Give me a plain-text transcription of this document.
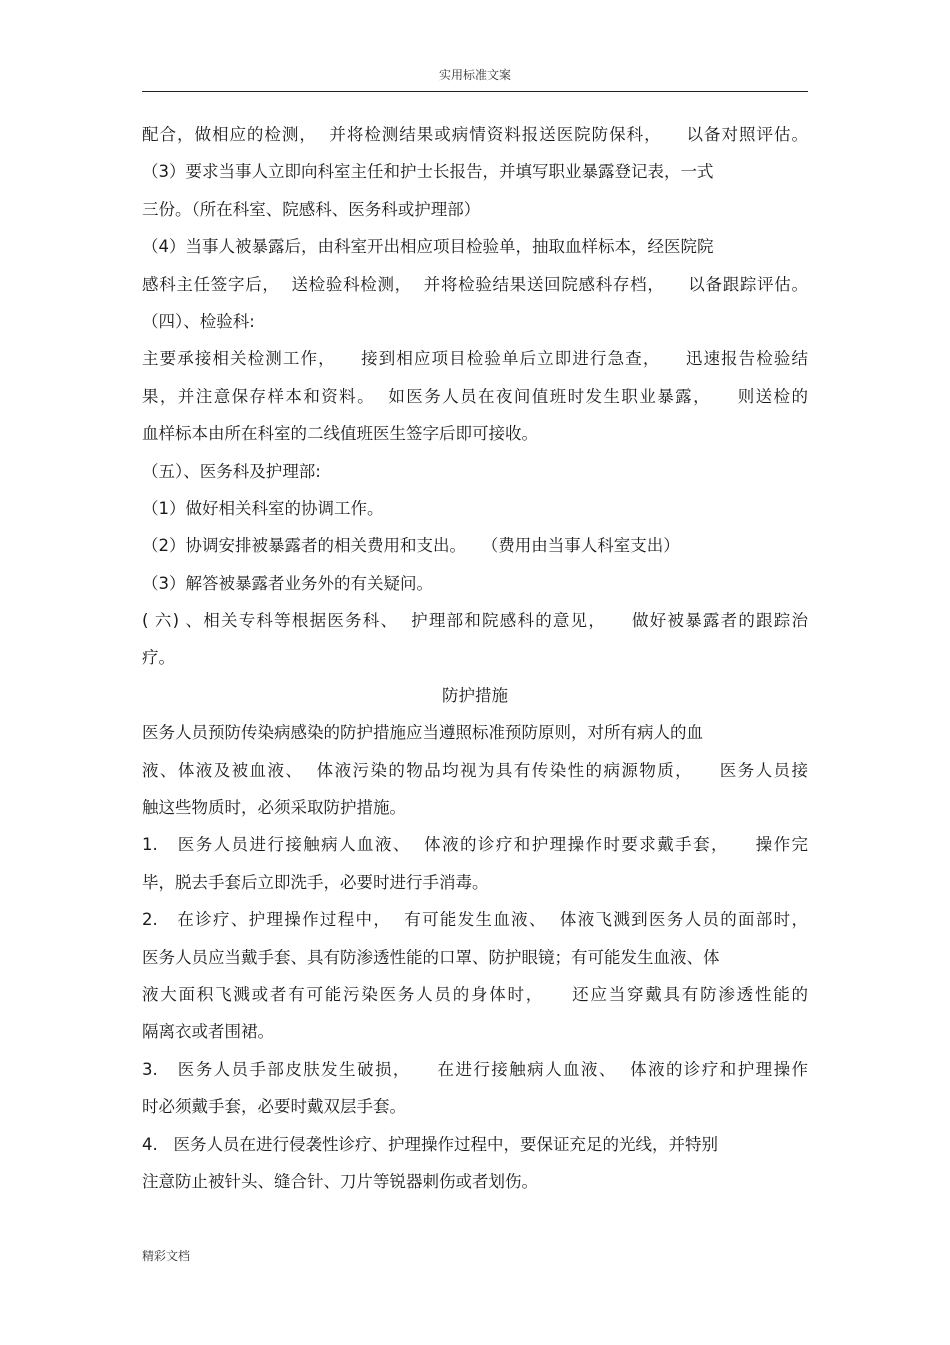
实用标准文案
配合，做相应的检测，  并将检测结果或病情资料报送医院防保科，    以备对照评估。
（3）要求当事人立即向科室主任和护士长报告，并填写职业暴露登记表，一式
三份。（所在科室、院感科、医务科或护理部）
（4）当事人被暴露后，由科室开出相应项目检验单，抽取血样标本，经医院院
感科主任签字后，  送检验科检测，  并将检验结果送回院感科存档，    以备跟踪评估。
（四）、检验科:
主要承接相关检测工作，    接到相应项目检验单后立即进行急查，    迅速报告检验结
果，并注意保存样本和资料。  如医务人员在夜间值班时发生职业暴露，    则送检的
血样标本由所在科室的二线值班医生签字后即可接收。
（五）、医务科及护理部:
（1）做好相关科室的协调工作。
（2）协调安排被暴露者的相关费用和支出。   （费用由当事人科室支出）
（3）解答被暴露者业务外的有关疑问。
( 六) 、相关专科等根据医务科、  护理部和院感科的意见，    做好被暴露者的跟踪治
疗。
防护措施
医务人员预防传染病感染的防护措施应当遵照标准预防原则，对所有病人的血
液、体液及被血液、  体液污染的物品均视为具有传染性的病源物质，    医务人员接
触这些物质时，必须采取防护措施。
1.   医务人员进行接触病人血液、  体液的诊疗和护理操作时要求戴手套，    操作完
毕，脱去手套后立即洗手，必要时进行手消毒。
2.   在诊疗、护理操作过程中，  有可能发生血液、  体液飞溅到医务人员的面部时，
医务人员应当戴手套、具有防渗透性能的口罩、防护眼镜；有可能发生血液、体
液大面积飞溅或者有可能污染医务人员的身体时，    还应当穿戴具有防渗透性能的
隔离衣或者围裙。
3.   医务人员手部皮肤发生破损，    在进行接触病人血液、  体液的诊疗和护理操作
时必须戴手套，必要时戴双层手套。
4.   医务人员在进行侵袭性诊疗、护理操作过程中，要保证充足的光线，并特别
注意防止被针头、缝合针、刀片等锐器刺伤或者划伤。
精彩文档
